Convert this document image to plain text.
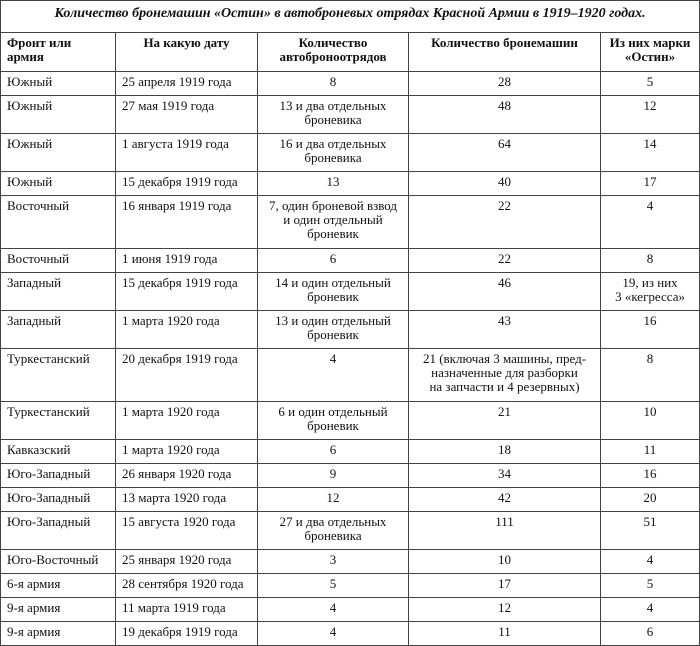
Количество бронемашин «Остин» в автоброневых отрядах Красной Армии в 1919–1920 годах.				
Фронт или армия	На какую дату	Количество
автоброноотрядов	Количество бронемашин	Из них марки
«Остин»
Южный	25 апреля 1919 года	8	28	5
Южный	27 мая 1919 года	13 и два отдельных
броневика	48	12
Южный	1 августа 1919 года	16 и два отдельных
броневика	64	14
Южный	15 декабря 1919 года	13	40	17
Восточный	16 января 1919 года	7, один броневой взвод
и один отдельный
броневик	22	4
Восточный	1 июня 1919 года	6	22	8
Западный	15 декабря 1919 года	14 и один отдельный
броневик	46	19, из них
3 «кегресса»
Западный	1 марта 1920 года	13 и один отдельный
броневик	43	16
Туркестанский	20 декабря 1919 года	4	21 (включая 3 машины, пред-
назначенные для разборки
на запчасти и 4 резервных)	8
Туркестанский	1 марта 1920 года	6 и один отдельный
броневик	21	10
Кавказский	1 марта 1920 года	6	18	11
Юго-Западный	26 января 1920 года	9	34	16
Юго-Западный	13 марта 1920 года	12	42	20
Юго-Западный	15 августа 1920 года	27 и два отдельных
броневика	111	51
Юго-Восточный	25 января 1920 года	3	10	4
6-я армия	28 сентября 1920 года	5	17	5
9-я армия	11 марта 1919 года	4	12	4
9-я армия	19 декабря 1919 года	4	11	6
